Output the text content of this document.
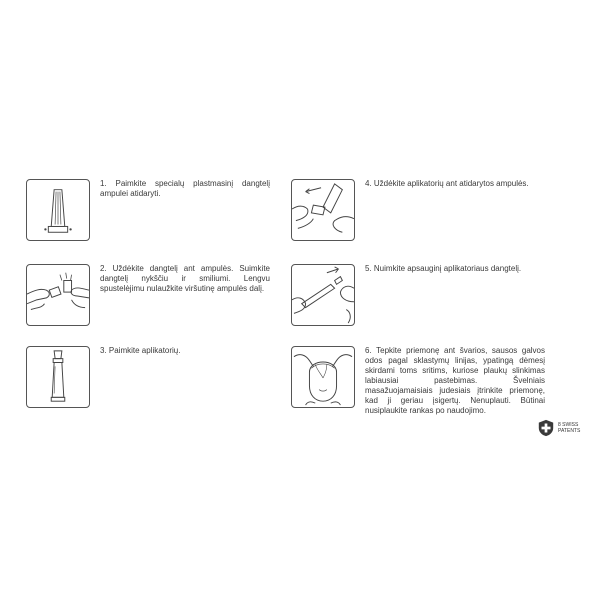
1. Paimkite specialų plastmasinį dangtelį ampulei atidaryti.
2. Uždėkite dangtelį ant ampulės. Suimkite dangtelį nykščiu ir smiliumi. Lengvu spustelėjimu nulaužkite viršutinę ampulės dalį.
3. Paimkite aplikatorių.
4. Uždėkite aplikatorių ant atidarytos ampulės.
5. Nuimkite apsauginį aplikatoriaus dangtelį.
6. Tepkite priemonę ant švarios, sausos galvos odos pagal sklastymų linijas, ypatingą dėmesį skirdami toms sritims, kuriose plaukų slinkimas labiausiai pastebimas. Švelniais masažuojamaisiais judesiais įtrinkite priemonę, kad ji geriau įsigertų. Nenuplauti. Būtinai nusiplaukite rankas po naudojimo.
8 SWISS
PATENTS
